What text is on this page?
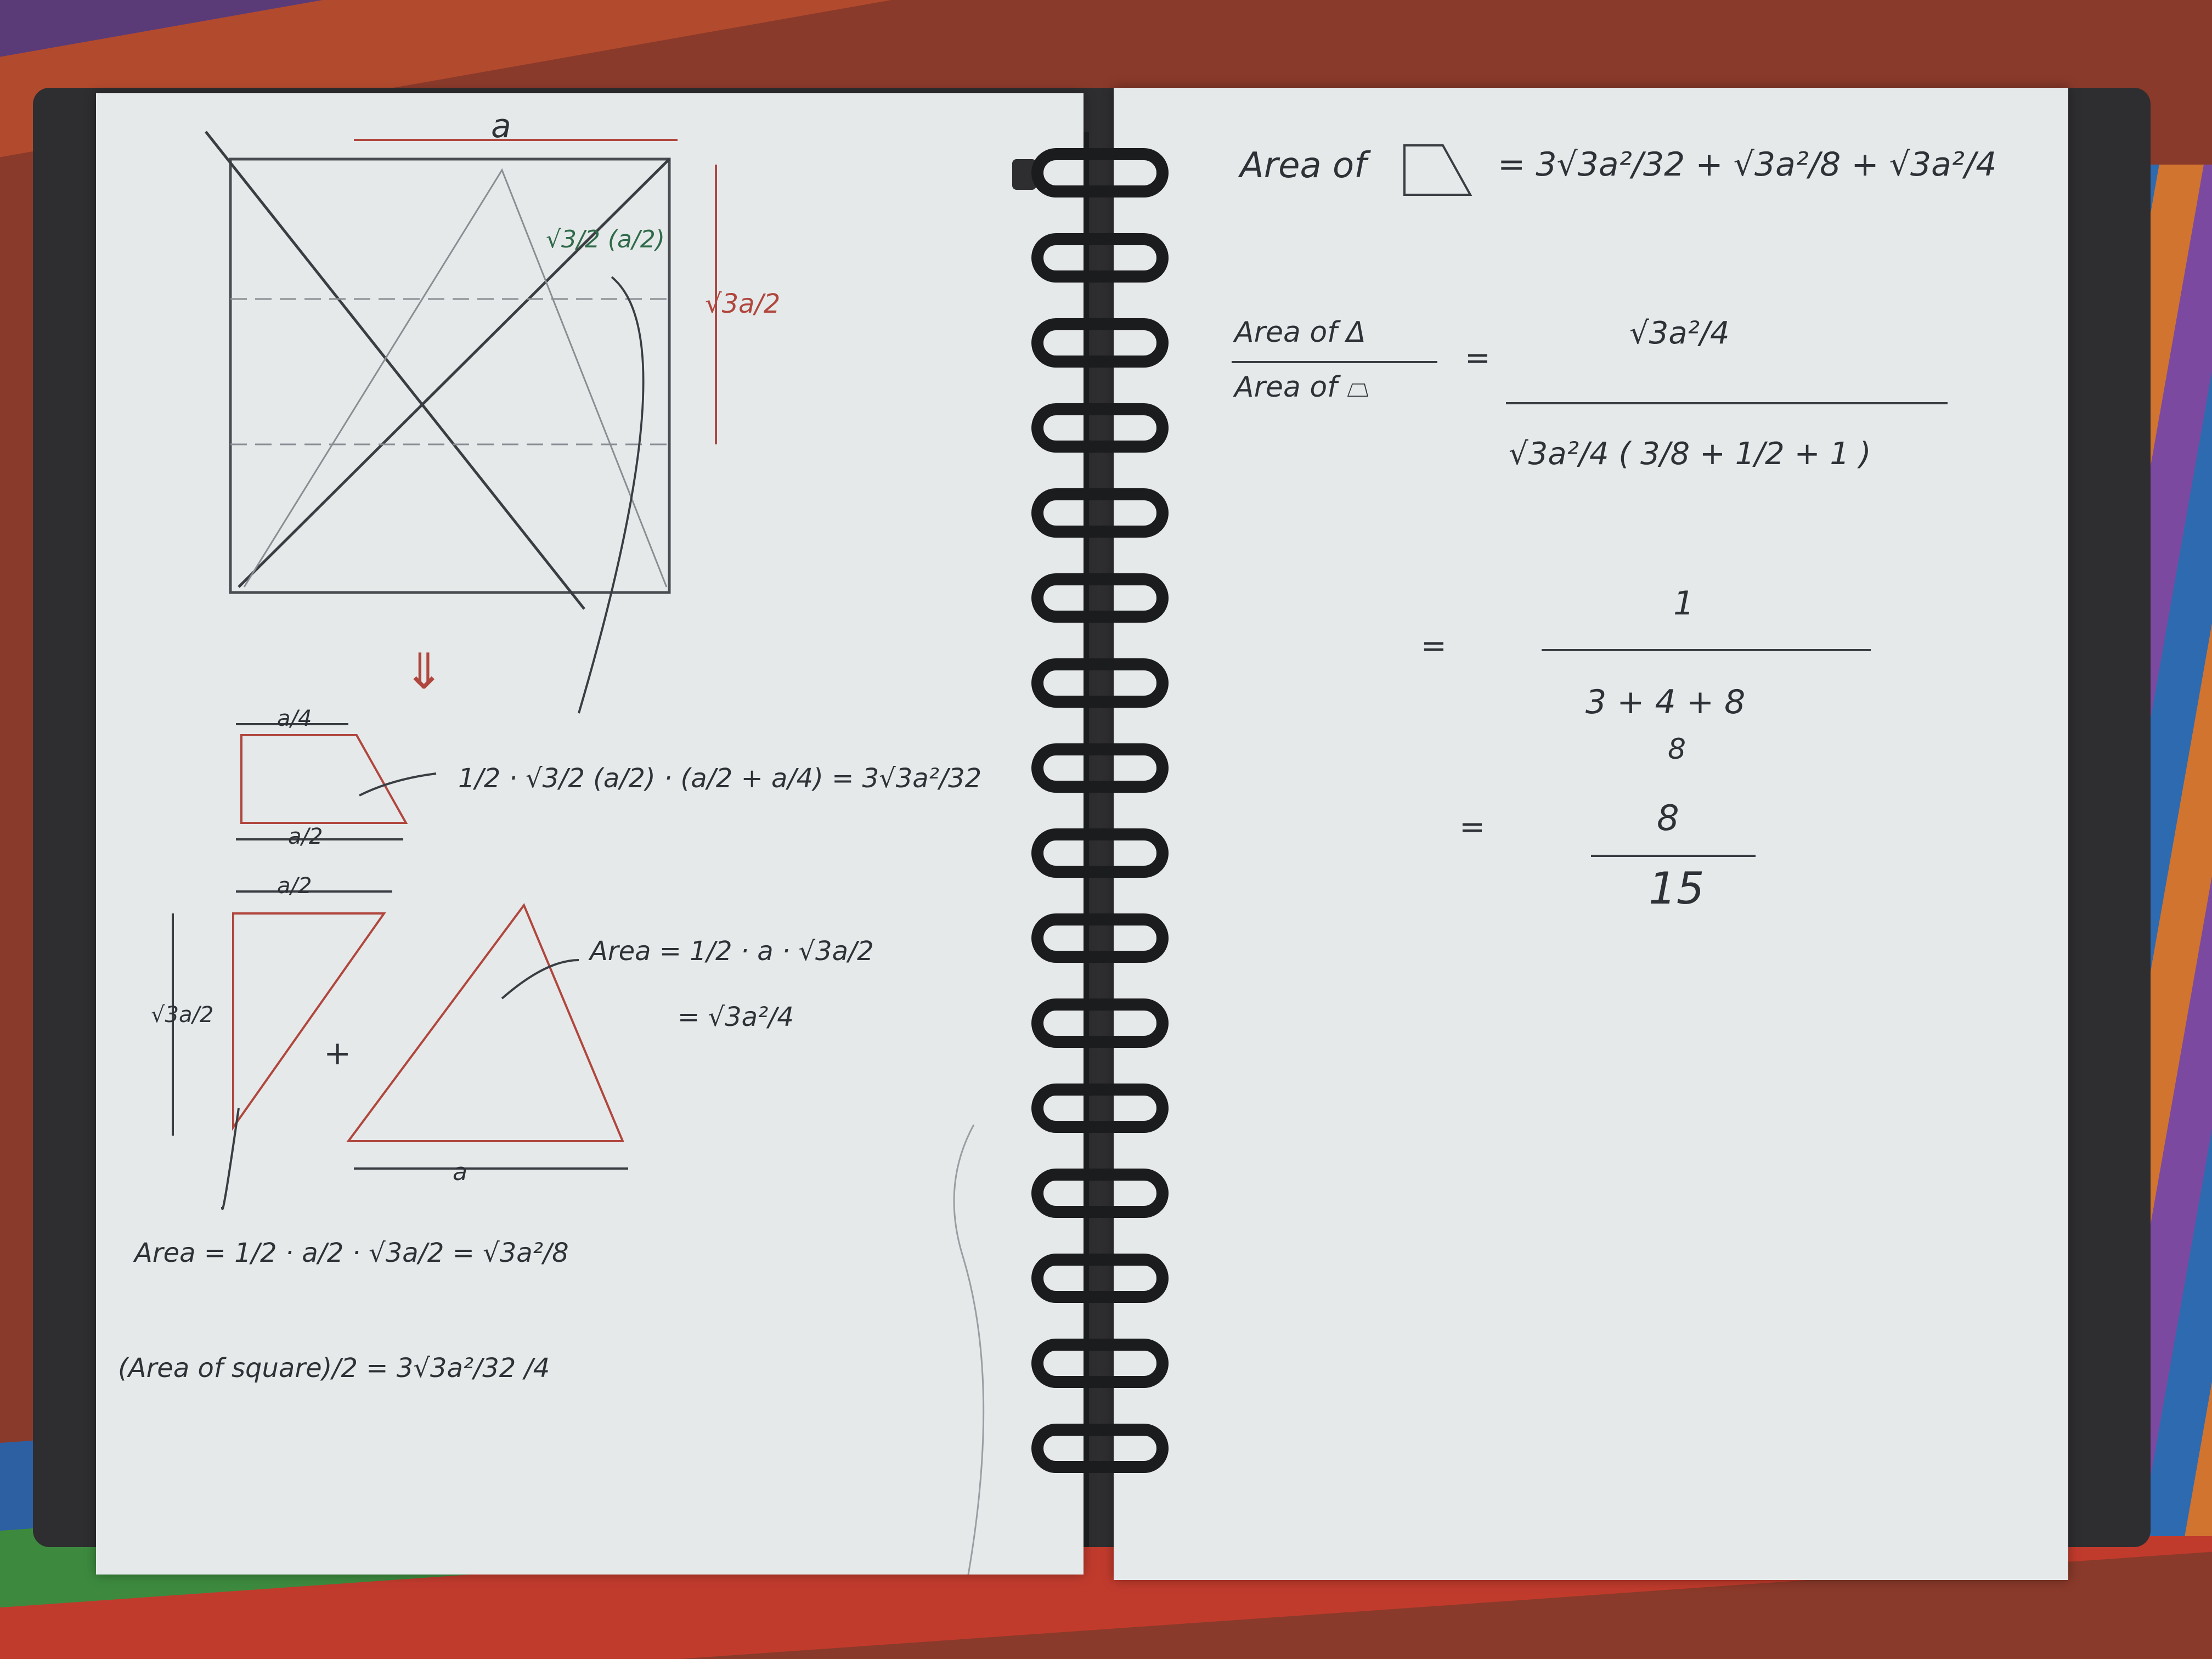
a
√3a/2
√3/2 (a/2)
⇓
a/4
a/2
1/2 · √3/2 (a/2) · (a/2 + a/4) = 3√3a²/32
a/2
√3a/2
+
a
Area = 1/2 · a · √3a/2
= √3a²/4
Area = 1/2 · a/2 · √3a/2 = √3a²/8
(Area of square)/2 = 3√3a²/32 /4
Area of	= 3√3a²/32 + √3a²/8 + √3a²/4
Area of Δ
Area of ⏢
=
√3a²/4
√3a²/4 ( 3/8 + 1/2 + 1 )
=
1
3 + 4 + 8
8
=	8
15
